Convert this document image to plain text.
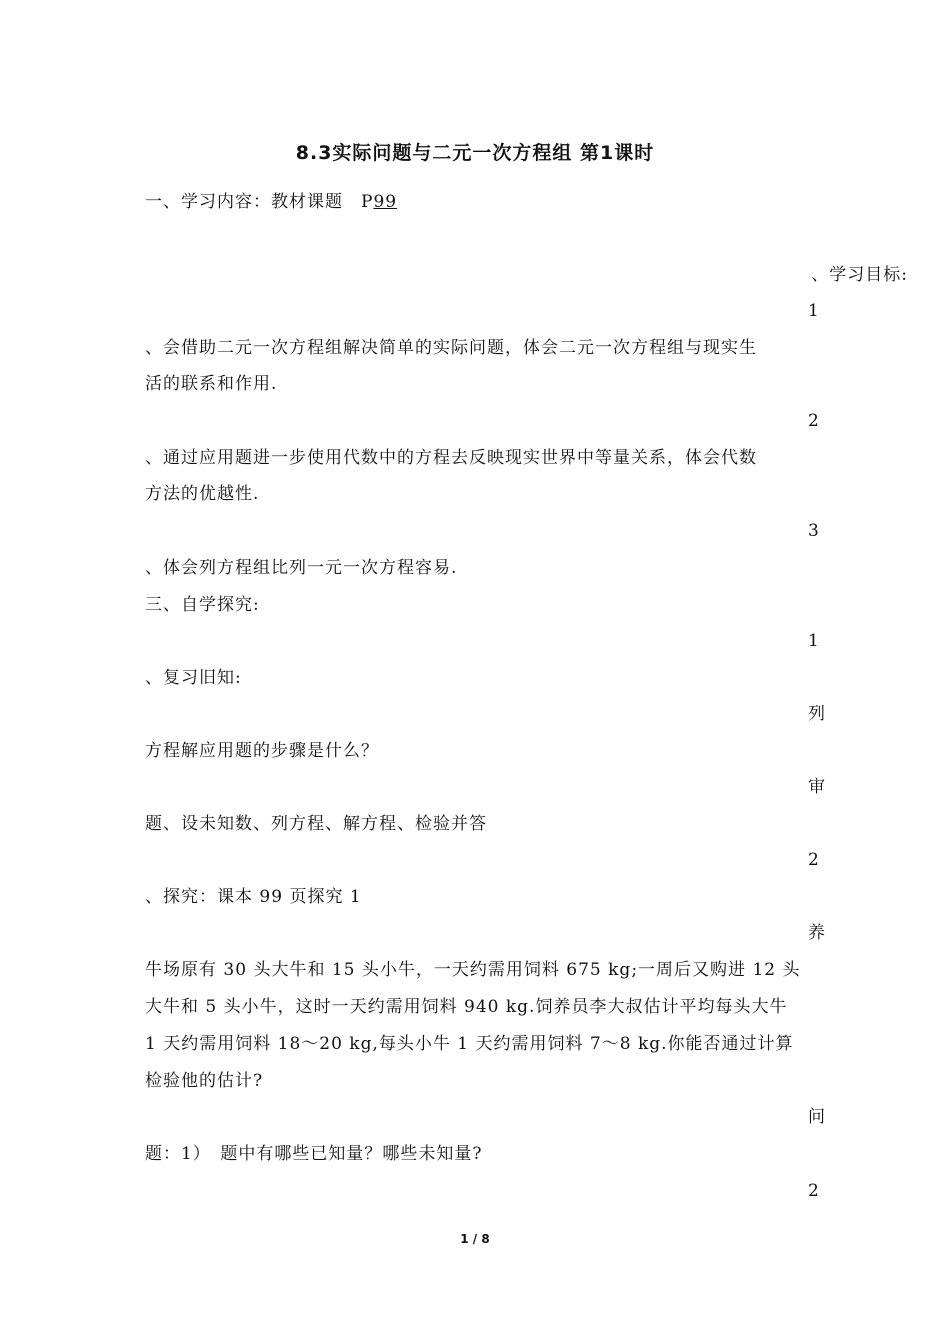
8.3实际问题与二元一次方程组 第1课时
一、学习内容：教材课题　P99
、学习目标:
1
、会借助二元一次方程组解决简单的实际问题，体会二元一次方程组与现实生
活的联系和作用.
2
、通过应用题进一步使用代数中的方程去反映现实世界中等量关系，体会代数
方法的优越性.
3
、体会列方程组比列一元一次方程容易.
三、自学探究:
1
、复习旧知:
列
方程解应用题的步骤是什么？
审
题、设未知数、列方程、解方程、检验并答
2
、探究：课本 99 页探究 1
养
牛场原有 30 头大牛和 15 头小牛，一天约需用饲料 675 kg;一周后又购进 12 头
大牛和 5 头小牛，这时一天约需用饲料 940 kg.饲养员李大叔估计平均每头大牛
1 天约需用饲料 18～20 kg,每头小牛 1 天约需用饲料 7～8 kg.你能否通过计算
检验他的估计?
问
题：1）　题中有哪些已知量？哪些未知量?
2
1 / 8
